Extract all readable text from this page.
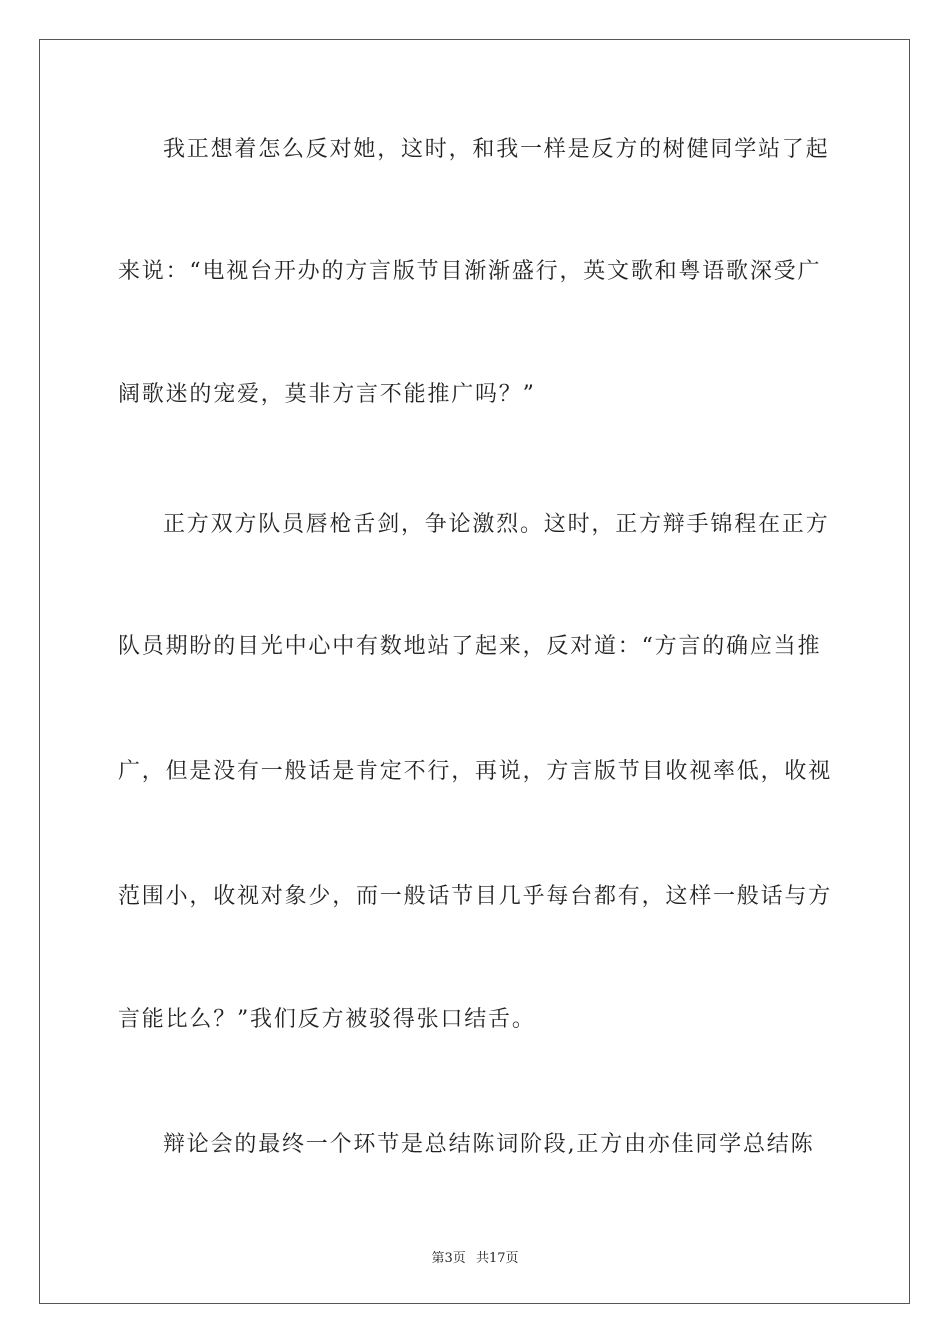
我正想着怎么反对她，这时，和我一样是反方的树健同学站了起
来说：“电视台开办的方言版节目渐渐盛行，英文歌和粤语歌深受广
阔歌迷的宠爱，莫非方言不能推广吗？”
正方双方队员唇枪舌剑，争论激烈。这时，正方辩手锦程在正方
队员期盼的目光中心中有数地站了起来，反对道：“方言的确应当推
广，但是没有一般话是肯定不行，再说，方言版节目收视率低，收视
范围小，收视对象少，而一般话节目几乎每台都有，这样一般话与方
言能比么？”我们反方被驳得张口结舌。
辩论会的最终一个环节是总结陈词阶段,正方由亦佳同学总结陈
第3页 共17页
